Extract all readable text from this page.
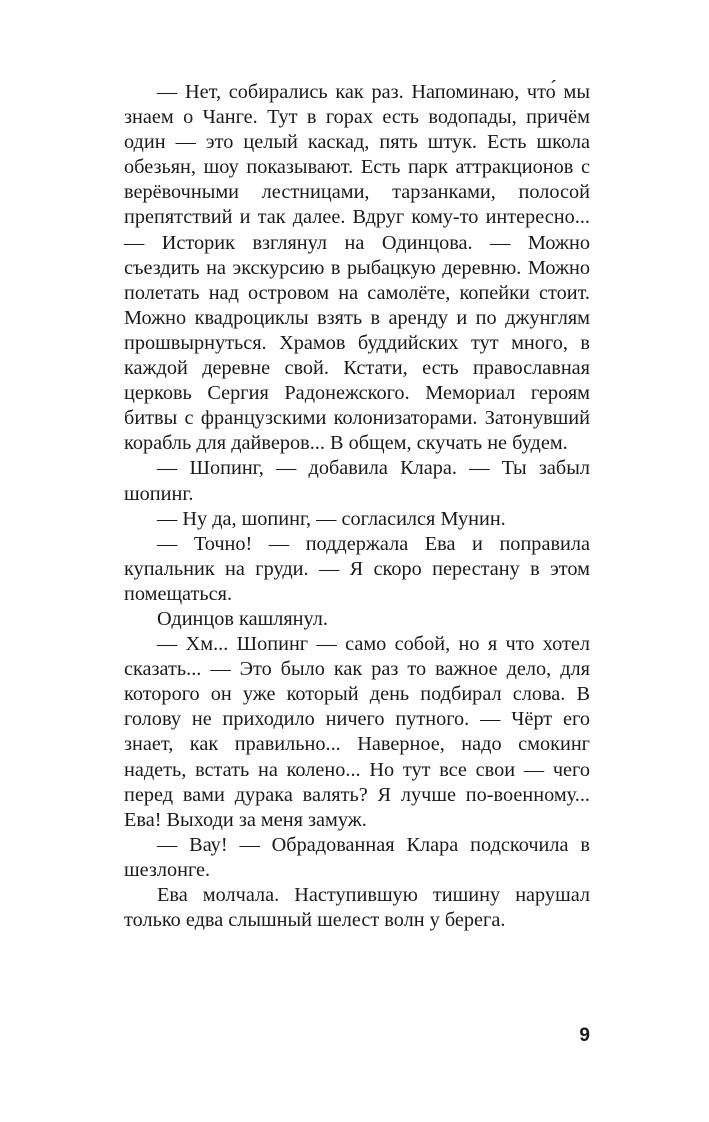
— Нет, собирались как раз. Напоминаю, что́ мы знаем о Чанге. Тут в горах есть водопады, причём один — это целый каскад, пять штук. Есть школа обезьян, шоу показывают. Есть парк аттракционов с верёвочными лестницами, тарзанками, полосой препятствий и так далее. Вдруг кому-то интересно... — Историк взглянул на Одинцова. — Можно съездить на экскурсию в рыбацкую деревню. Можно полетать над островом на самолёте, копейки стоит. Можно квадроциклы взять в аренду и по джунглям прошвырнуться. Храмов буддийских тут много, в каждой деревне свой. Кстати, есть православная церковь Сергия Радонежского. Мемориал героям битвы с французскими колонизаторами. Затонувший корабль для дайверов... В общем, скучать не будем.

— Шопинг, — добавила Клара. — Ты забыл шопинг.

— Ну да, шопинг, — согласился Мунин.

— Точно! — поддержала Ева и поправила купальник на груди. — Я скоро перестану в этом помещаться.

Одинцов кашлянул.

— Хм... Шопинг — само собой, но я что хотел сказать... — Это было как раз то важное дело, для которого он уже который день подбирал слова. В голову не приходило ничего путного. — Чёрт его знает, как правильно... Наверное, надо смокинг надеть, встать на колено... Но тут все свои — чего перед вами дурака валять? Я лучше по-военному... Ева! Выходи за меня замуж.

— Вау! — Обрадованная Клара подскочила в шезлонге.

Ева молчала. Наступившую тишину нарушал только едва слышный шелест волн у берега.

9
